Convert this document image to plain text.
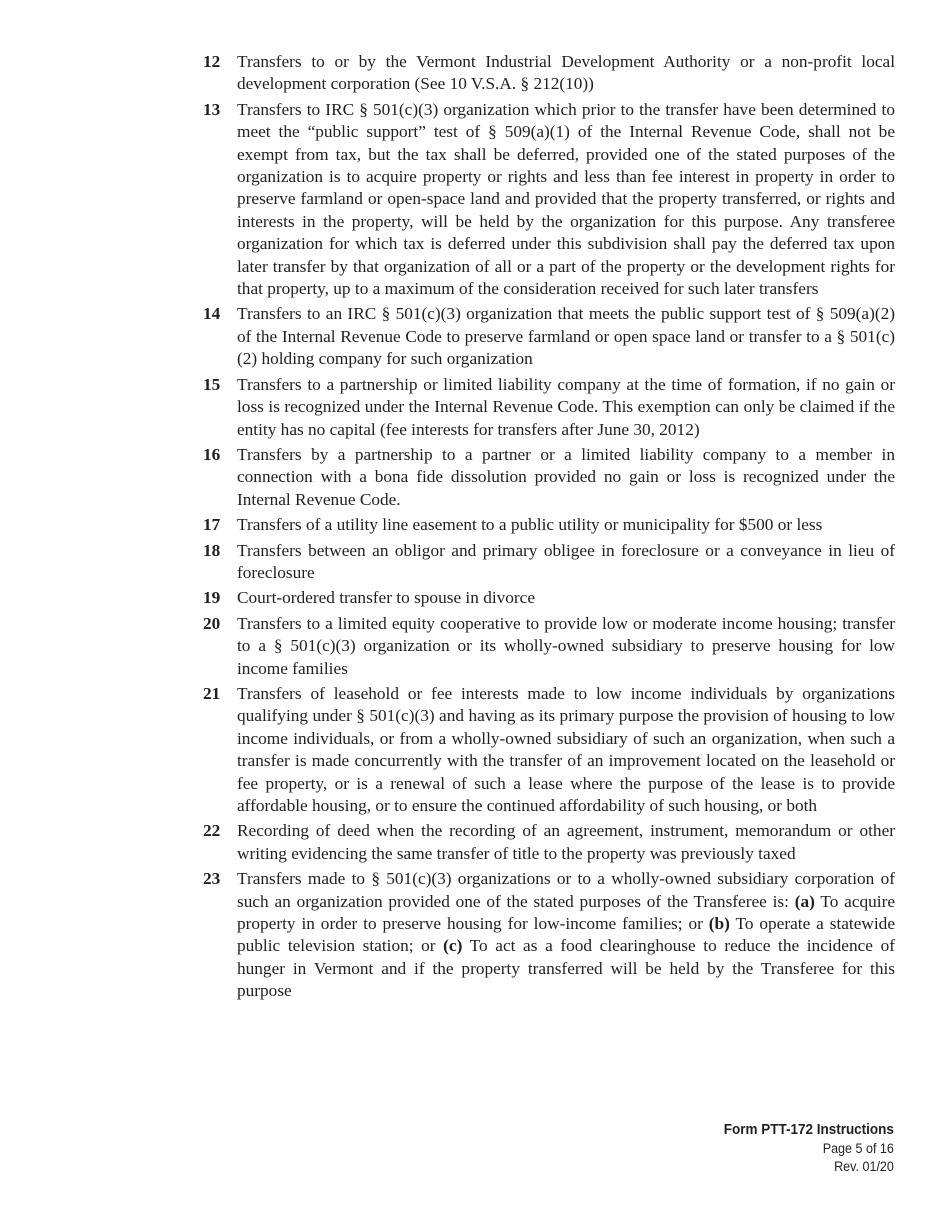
12 Transfers to or by the Vermont Industrial Development Authority or a non-profit local development corporation (See 10 V.S.A. § 212(10))
13 Transfers to IRC § 501(c)(3) organization which prior to the transfer have been determined to meet the “public support” test of § 509(a)(1) of the Internal Revenue Code, shall not be exempt from tax, but the tax shall be deferred, provided one of the stated purposes of the organization is to acquire property or rights and less than fee interest in property in order to preserve farmland or open-space land and provided that the property transferred, or rights and interests in the property, will be held by the organization for this purpose. Any transferee organization for which tax is deferred under this subdivision shall pay the deferred tax upon later transfer by that organization of all or a part of the property or the development rights for that property, up to a maximum of the consideration received for such later transfers
14 Transfers to an IRC § 501(c)(3) organization that meets the public support test of § 509(a)(2) of the Internal Revenue Code to preserve farmland or open space land or transfer to a § 501(c)(2) holding company for such organization
15 Transfers to a partnership or limited liability company at the time of formation, if no gain or loss is recognized under the Internal Revenue Code. This exemption can only be claimed if the entity has no capital (fee interests for transfers after June 30, 2012)
16 Transfers by a partnership to a partner or a limited liability company to a member in connection with a bona fide dissolution provided no gain or loss is recognized under the Internal Revenue Code.
17 Transfers of a utility line easement to a public utility or municipality for $500 or less
18 Transfers between an obligor and primary obligee in foreclosure or a conveyance in lieu of foreclosure
19 Court-ordered transfer to spouse in divorce
20 Transfers to a limited equity cooperative to provide low or moderate income housing; transfer to a § 501(c)(3) organization or its wholly-owned subsidiary to preserve housing for low income families
21 Transfers of leasehold or fee interests made to low income individuals by organizations qualifying under § 501(c)(3) and having as its primary purpose the provision of housing to low income individuals, or from a wholly-owned subsidiary of such an organization, when such a transfer is made concurrently with the transfer of an improvement located on the leasehold or fee property, or is a renewal of such a lease where the purpose of the lease is to provide affordable housing, or to ensure the continued affordability of such housing, or both
22 Recording of deed when the recording of an agreement, instrument, memorandum or other writing evidencing the same transfer of title to the property was previously taxed
23 Transfers made to § 501(c)(3) organizations or to a wholly-owned subsidiary corporation of such an organization provided one of the stated purposes of the Transferee is: (a) To acquire property in order to preserve housing for low-income families; or (b) To operate a statewide public television station; or (c) To act as a food clearinghouse to reduce the incidence of hunger in Vermont and if the property transferred will be held by the Transferee for this purpose
Form PTT-172 Instructions
Page 5 of 16
Rev. 01/20
